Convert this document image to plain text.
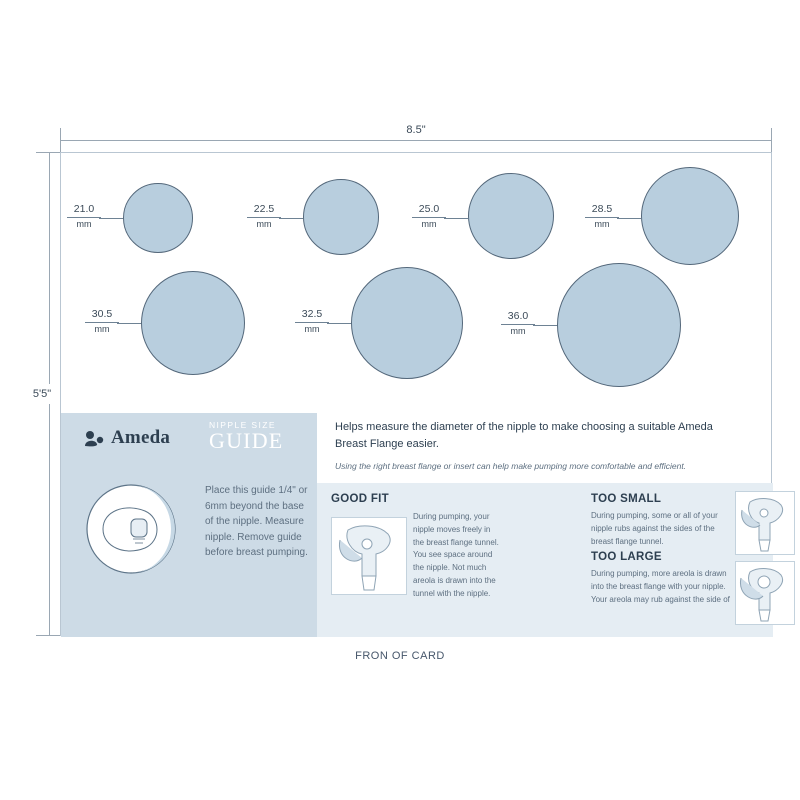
8.5"
5'5"
21.0
mm
22.5
mm
25.0
mm
28.5
mm
30.5
mm
32.5
mm
36.0
mm
Ameda
NIPPLE SIZE
GUIDE
Place this guide 1/4" or 6mm beyond the base of the nipple. Measure nipple. Remove guide before breast pumping.
Helps measure the diameter of the nipple to make choosing a suitable Ameda Breast Flange easier.
Using the right breast flange or insert can help make pumping more comfortable and efficient.
GOOD FIT

During pumping, your nipple moves freely in the breast flange tunnel. You see space around the nipple. Not much areola is drawn into the tunnel with the nipple.

TOO SMALL

During pumping, some or all of your nipple rubs against the sides of the breast flange tunnel.

TOO LARGE

During pumping, more areola is drawn into the breast flange with your nipple. Your areola may rub against the side of

FRON OF CARD
